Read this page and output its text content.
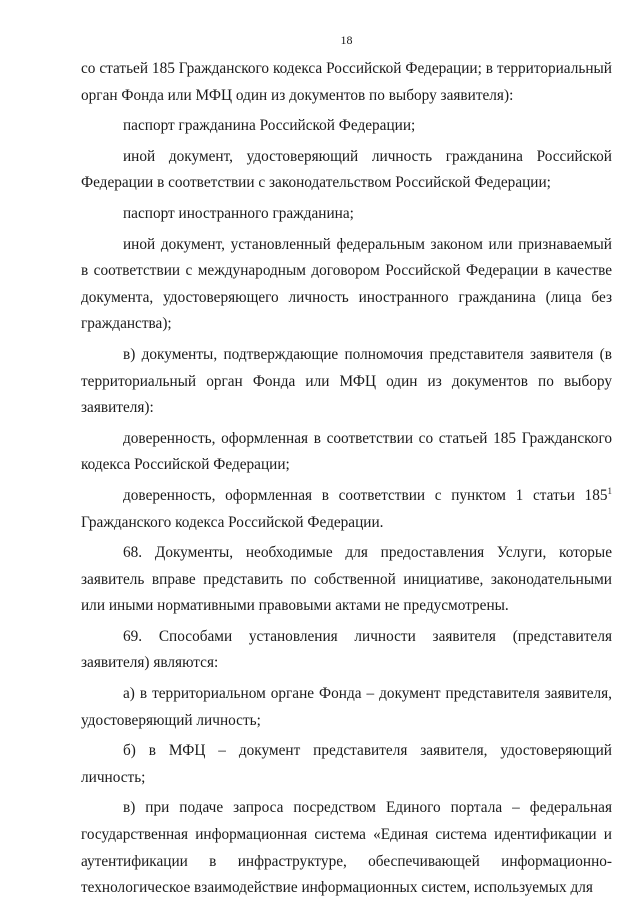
18

со статьей 185 Гражданского кодекса Российской Федерации; в территориальный орган Фонда или МФЦ один из документов по выбору заявителя):

паспорт гражданина Российской Федерации;

иной документ, удостоверяющий личность гражданина Российской Федерации в соответствии с законодательством Российской Федерации;

паспорт иностранного гражданина;

иной документ, установленный федеральным законом или признаваемый в соответствии с международным договором Российской Федерации в качестве документа, удостоверяющего личность иностранного гражданина (лица без гражданства);

в) документы, подтверждающие полномочия представителя заявителя (в территориальный орган Фонда или МФЦ один из документов по выбору заявителя):

доверенность, оформленная в соответствии со статьей 185 Гражданского кодекса Российской Федерации;

доверенность, оформленная в соответствии с пунктом 1 статьи $185^1$ Гражданского кодекса Российской Федерации.

68. Документы, необходимые для предоставления Услуги, которые заявитель вправе представить по собственной инициативе, законодательными или иными нормативными правовыми актами не предусмотрены.

69. Способами установления личности заявителя (представителя заявителя) являются:

а) в территориальном органе Фонда – документ представителя заявителя, удостоверяющий личность;

б) в МФЦ – документ представителя заявителя, удостоверяющий личность;

в) при подаче запроса посредством Единого портала – федеральная государственная информационная система «Единая система идентификации и аутентификации в инфраструктуре, обеспечивающей информационно-технологическое взаимодействие информационных систем, используемых для
